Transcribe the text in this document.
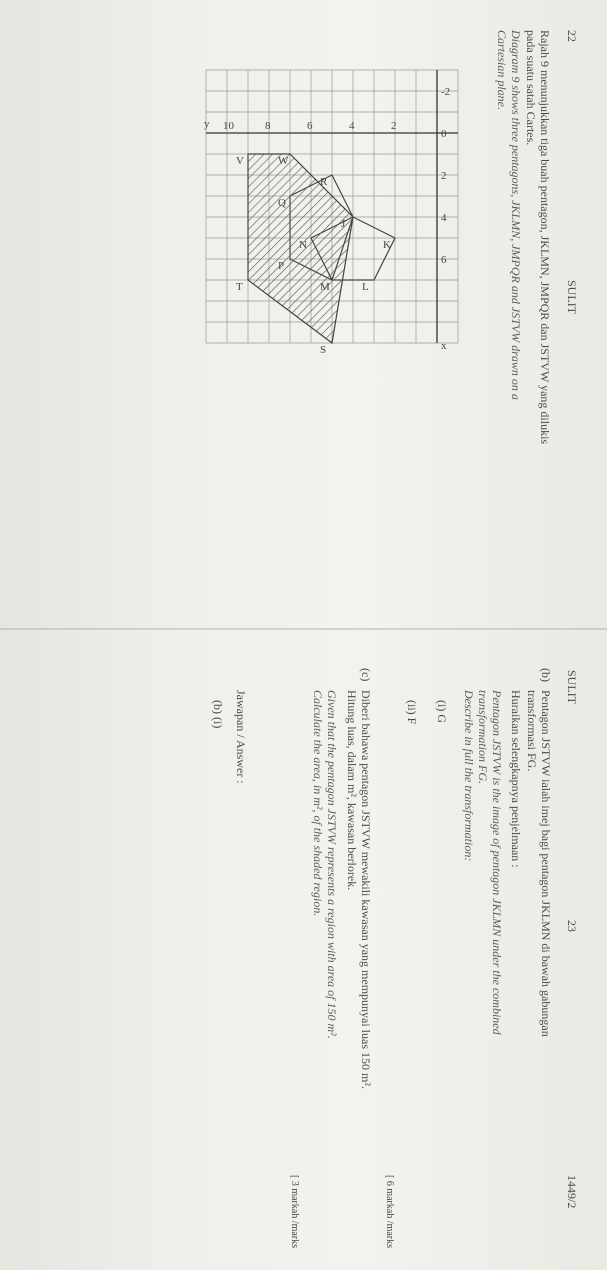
22
SULIT
Rajah 9 menunjukkan tiga buah pentagon, JKLMN, JMPQR dan JSTVW yang dilukis
pada suatu satah Cartes.
Diagram 9 shows three pentagons, JKLMN, JMPQR and JSTVW drawn on a
Cartesian plane.
2
4
6
8
10
-2
0
2
4
6
y
x
J
K
L
M
N
P
Q
R
S
T
V	W
1449/2
23
SULIT
(b)
Pentagon JSTVW ialah imej bagi pentagon JKLMN di bawah gabungan
transformasi FG.
Huraikan selengkapnya penjelmaan :
Pentagon JSTVW is the image of pentagon JKLMN under the combined
transformation FG.
Describe in full the transformation:
(i) G
(ii) F
[ 6 markah /marks
(c)
Diberi bahawa pentagon JSTVW mewakili kawasan yang mempunyai luas 150 m².
Hitung luas, dalam m², kawasan berlorek.
Given that the pentagon JSTVW represents a region with area of 150 m².
Calculate the area, in m², of the shaded region.
[ 3 markah /marks
Jawapan / Answer :
(b) (i)
